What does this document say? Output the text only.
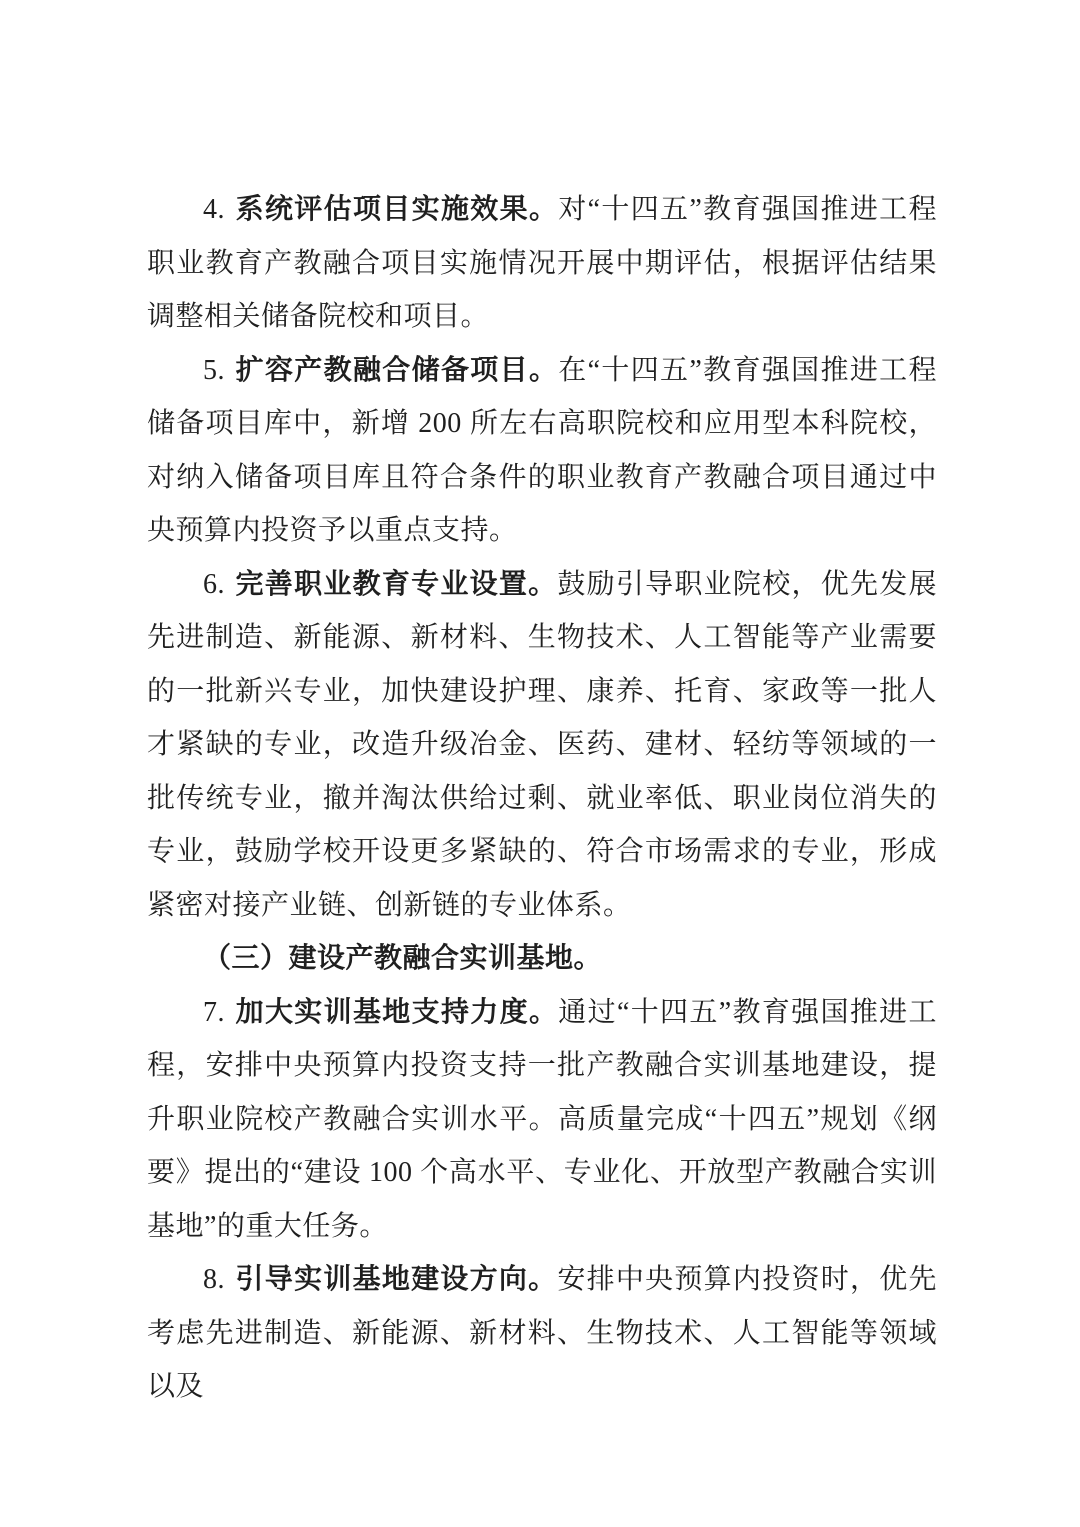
4. 系统评估项目实施效果。对“十四五”教育强国推进工程职业教育产教融合项目实施情况开展中期评估，根据评估结果调整相关储备院校和项目。

5. 扩容产教融合储备项目。在“十四五”教育强国推进工程储备项目库中，新增 200 所左右高职院校和应用型本科院校，对纳入储备项目库且符合条件的职业教育产教融合项目通过中央预算内投资予以重点支持。

6. 完善职业教育专业设置。鼓励引导职业院校，优先发展先进制造、新能源、新材料、生物技术、人工智能等产业需要的一批新兴专业，加快建设护理、康养、托育、家政等一批人才紧缺的专业，改造升级冶金、医药、建材、轻纺等领域的一批传统专业，撤并淘汰供给过剩、就业率低、职业岗位消失的专业，鼓励学校开设更多紧缺的、符合市场需求的专业，形成紧密对接产业链、创新链的专业体系。

（三）建设产教融合实训基地。

7. 加大实训基地支持力度。通过“十四五”教育强国推进工程，安排中央预算内投资支持一批产教融合实训基地建设，提升职业院校产教融合实训水平。高质量完成“十四五”规划《纲要》提出的“建设 100 个高水平、专业化、开放型产教融合实训基地”的重大任务。

8. 引导实训基地建设方向。安排中央预算内投资时，优先考虑先进制造、新能源、新材料、生物技术、人工智能等领域以及
